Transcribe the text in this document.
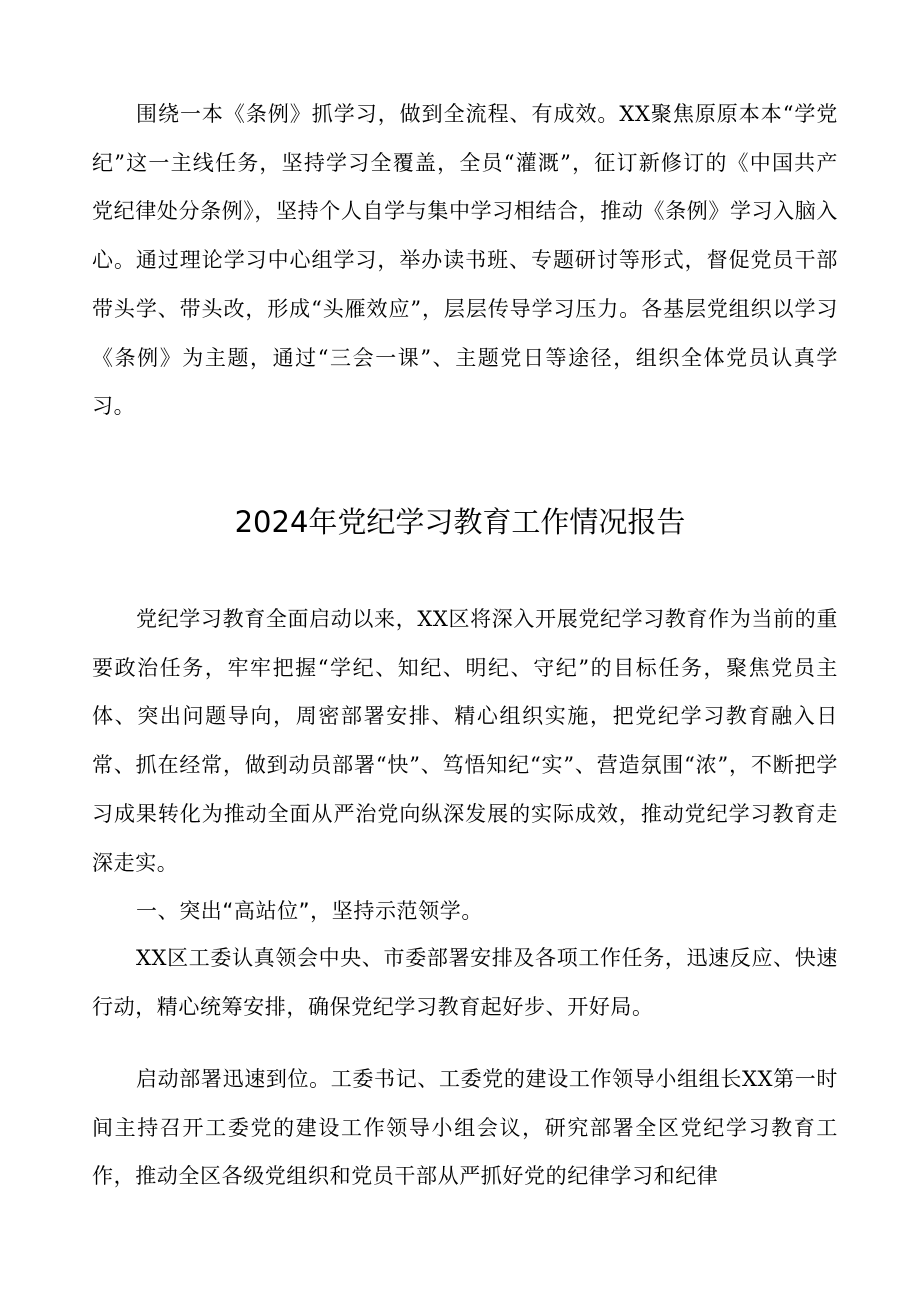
围绕一本《条例》抓学习，做到全流程、有成效。XX聚焦原原本本“学党纪”这一主线任务，坚持学习全覆盖，全员“灌溉”，征订新修订的《中国共产党纪律处分条例》，坚持个人自学与集中学习相结合，推动《条例》学习入脑入心。通过理论学习中心组学习，举办读书班、专题研讨等形式，督促党员干部带头学、带头改，形成“头雁效应”，层层传导学习压力。各基层党组织以学习《条例》为主题，通过“三会一课”、主题党日等途径，组织全体党员认真学习。

2024年党纪学习教育工作情况报告

党纪学习教育全面启动以来，XX区将深入开展党纪学习教育作为当前的重要政治任务，牢牢把握“学纪、知纪、明纪、守纪”的目标任务，聚焦党员主体、突出问题导向，周密部署安排、精心组织实施，把党纪学习教育融入日常、抓在经常，做到动员部署“快”、笃悟知纪“实”、营造氛围“浓”，不断把学习成果转化为推动全面从严治党向纵深发展的实际成效，推动党纪学习教育走深走实。

一、突出“高站位”，坚持示范领学。

XX区工委认真领会中央、市委部署安排及各项工作任务，迅速反应、快速行动，精心统筹安排，确保党纪学习教育起好步、开好局。

启动部署迅速到位。工委书记、工委党的建设工作领导小组组长XX第一时间主持召开工委党的建设工作领导小组会议，研究部署全区党纪学习教育工作，推动全区各级党组织和党员干部从严抓好党的纪律学习和纪律
